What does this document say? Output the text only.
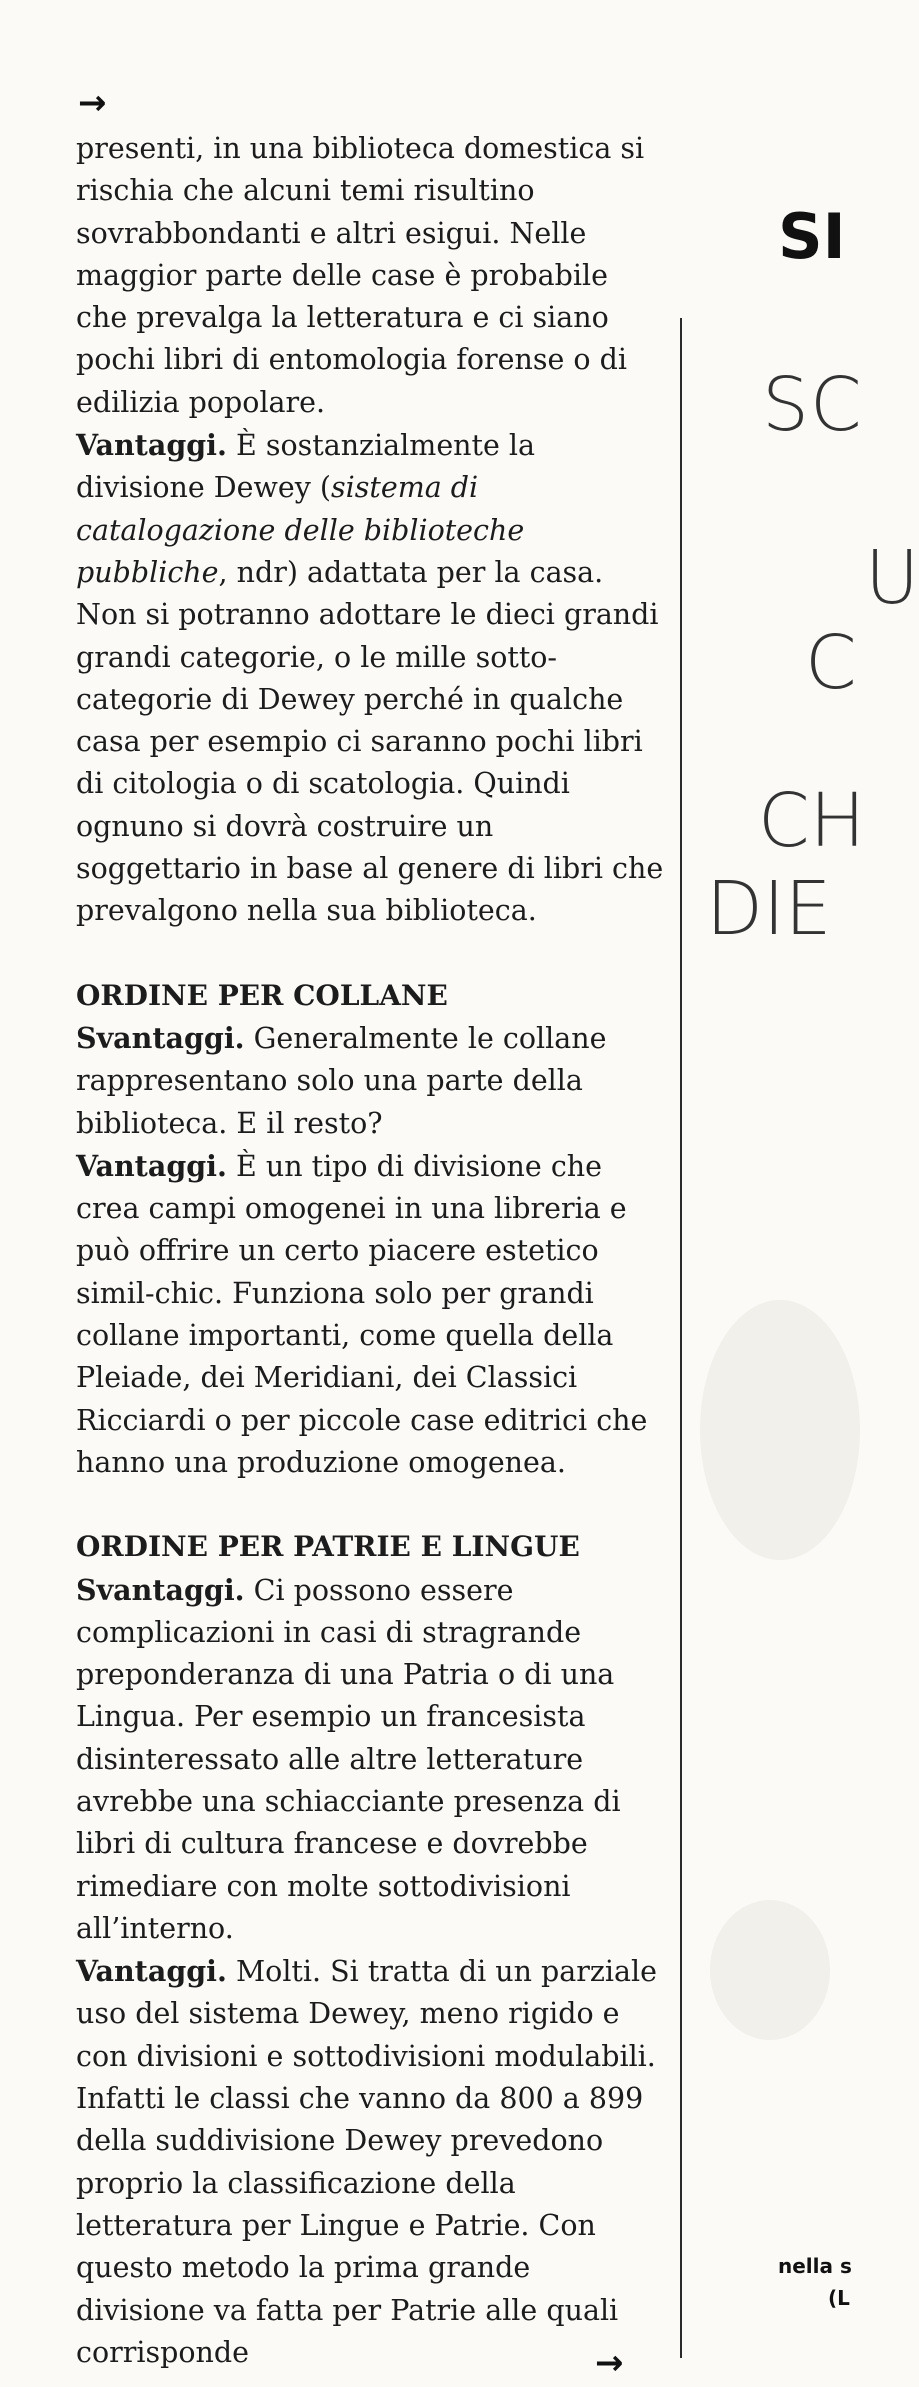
→

presenti, in una biblioteca domestica si rischia che alcuni temi risultino sovrabbondanti e altri esigui. Nelle maggior parte delle case è probabile che prevalga la letteratura e ci siano pochi libri di entomologia forense o di edilizia popolare.

Vantaggi. È sostanzialmente la divisione Dewey (sistema di catalogazione delle biblioteche pubbliche, ndr) adattata per la casa. Non si potranno adottare le dieci grandi grandi categorie, o le mille sotto-categorie di Dewey perché in qualche casa per esempio ci saranno pochi libri di citologia o di scatologia. Quindi ognuno si dovrà costruire un soggettario in base al genere di libri che prevalgono nella sua biblioteca.

ORDINE PER COLLANE

Svantaggi. Generalmente le collane rappresentano solo una parte della biblioteca. E il resto?

Vantaggi. È un tipo di divisione che crea campi omogenei in una libreria e può offrire un certo piacere estetico simil-chic. Funziona solo per grandi collane importanti, come quella della Pleiade, dei Meridiani, dei Classici Ricciardi o per piccole case editrici che hanno una produzione omogenea.

ORDINE PER PATRIE E LINGUE

Svantaggi. Ci possono essere complicazioni in casi di stragrande preponderanza di una Patria o di una Lingua. Per esempio un francesista disinteressato alle altre letterature avrebbe una schiacciante presenza di libri di cultura francese e dovrebbe rimediare con molte sottodivisioni all’interno.

Vantaggi. Molti. Si tratta di un parziale uso del sistema Dewey, meno rigido e con divisioni e sottodivisioni modulabili. Infatti le classi che vanno da 800 a 899 della suddivisione Dewey prevedono proprio la classificazione della letteratura per Lingue e Patrie. Con questo metodo la prima grande divisione va fatta per Patrie alle quali corrisponde

SI
SC
U
C
CH
DIE
nella s
(L
→
